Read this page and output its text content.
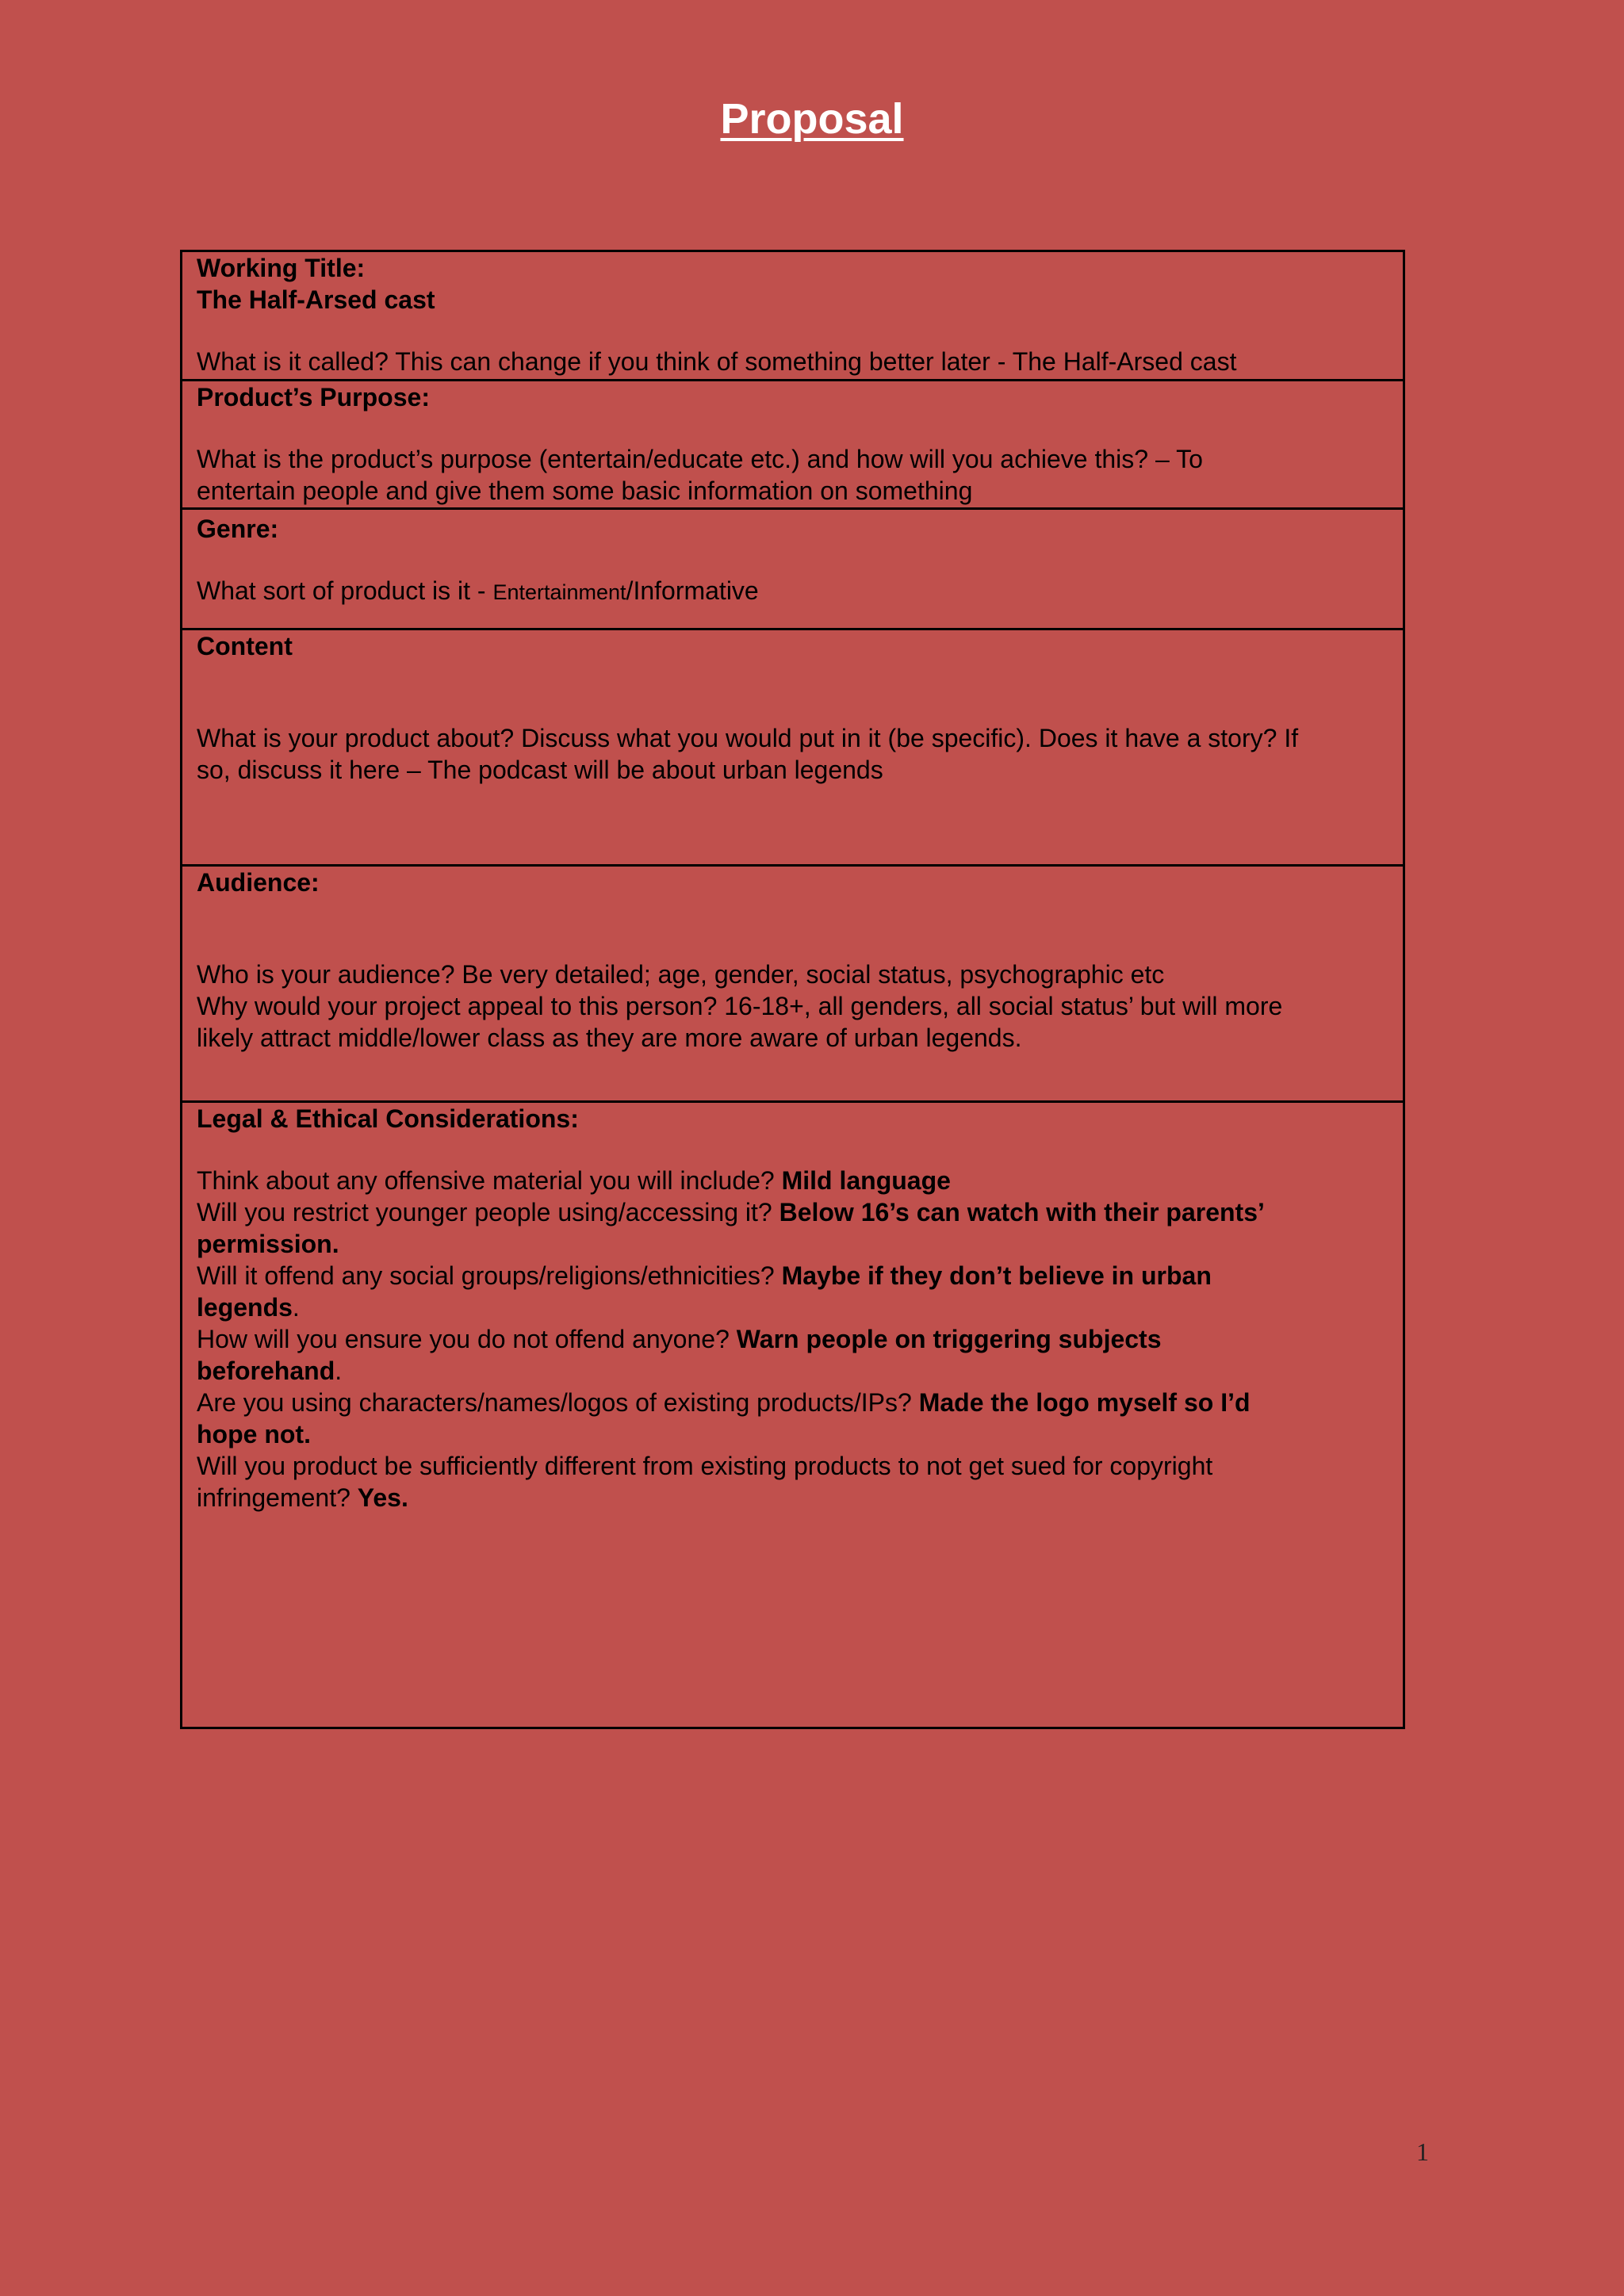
Proposal
Working Title:
The Half-Arsed cast
What is it called? This can change if you think of something better later - The Half-Arsed cast
Product’s Purpose:
What is the product’s purpose (entertain/educate etc.) and how will you achieve this? – To
entertain people and give them some basic information on something
Genre:
What sort of product is it - Entertainment/Informative
Content
What is your product about? Discuss what you would put in it (be specific). Does it have a story? If
so, discuss it here – The podcast will be about urban legends
Audience:
Who is your audience? Be very detailed; age, gender, social status, psychographic etc
Why would your project appeal to this person? 16-18+, all genders, all social status’ but will more
likely attract middle/lower class as they are more aware of urban legends.
Legal & Ethical Considerations:
Think about any offensive material you will include? Mild language
Will you restrict younger people using/accessing it? Below 16’s can watch with their parents’
permission.
Will it offend any social groups/religions/ethnicities? Maybe if they don’t believe in urban
legends.
How will you ensure you do not offend anyone? Warn people on triggering subjects
beforehand.
Are you using characters/names/logos of existing products/IPs? Made the logo myself so I’d
hope not.
Will you product be sufficiently different from existing products to not get sued for copyright
infringement? Yes.
1
